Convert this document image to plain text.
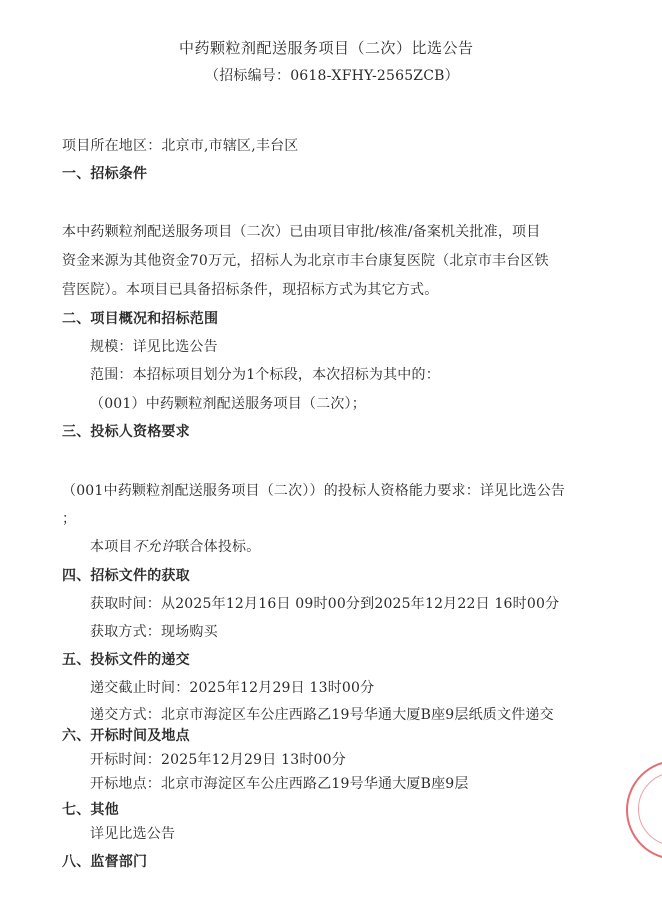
中药颗粒剂配送服务项目（二次）比选公告
（招标编号：0618-XFHY-2565ZCB）
项目所在地区：北京市,市辖区,丰台区
一、招标条件
本中药颗粒剂配送服务项目（二次）已由项目审批/核准/备案机关批准，项目
资金来源为其他资金70万元，招标人为北京市丰台康复医院（北京市丰台区铁
营医院）。本项目已具备招标条件，现招标方式为其它方式。
二、项目概况和招标范围
规模：详见比选公告
范围：本招标项目划分为1个标段，本次招标为其中的：
（001）中药颗粒剂配送服务项目（二次）；
三、投标人资格要求
（001中药颗粒剂配送服务项目（二次））的投标人资格能力要求：详见比选公告
；
本项目不允许联合体投标。
四、招标文件的获取
获取时间：从2025年12月16日 09时00分到2025年12月22日 16时00分
获取方式：现场购买
五、投标文件的递交
递交截止时间：2025年12月29日 13时00分
递交方式：北京市海淀区车公庄西路乙19号华通大厦B座9层纸质文件递交
六、开标时间及地点
开标时间：2025年12月29日 13时00分
开标地点：北京市海淀区车公庄西路乙19号华通大厦B座9层
七、其他
详见比选公告
八、监督部门
